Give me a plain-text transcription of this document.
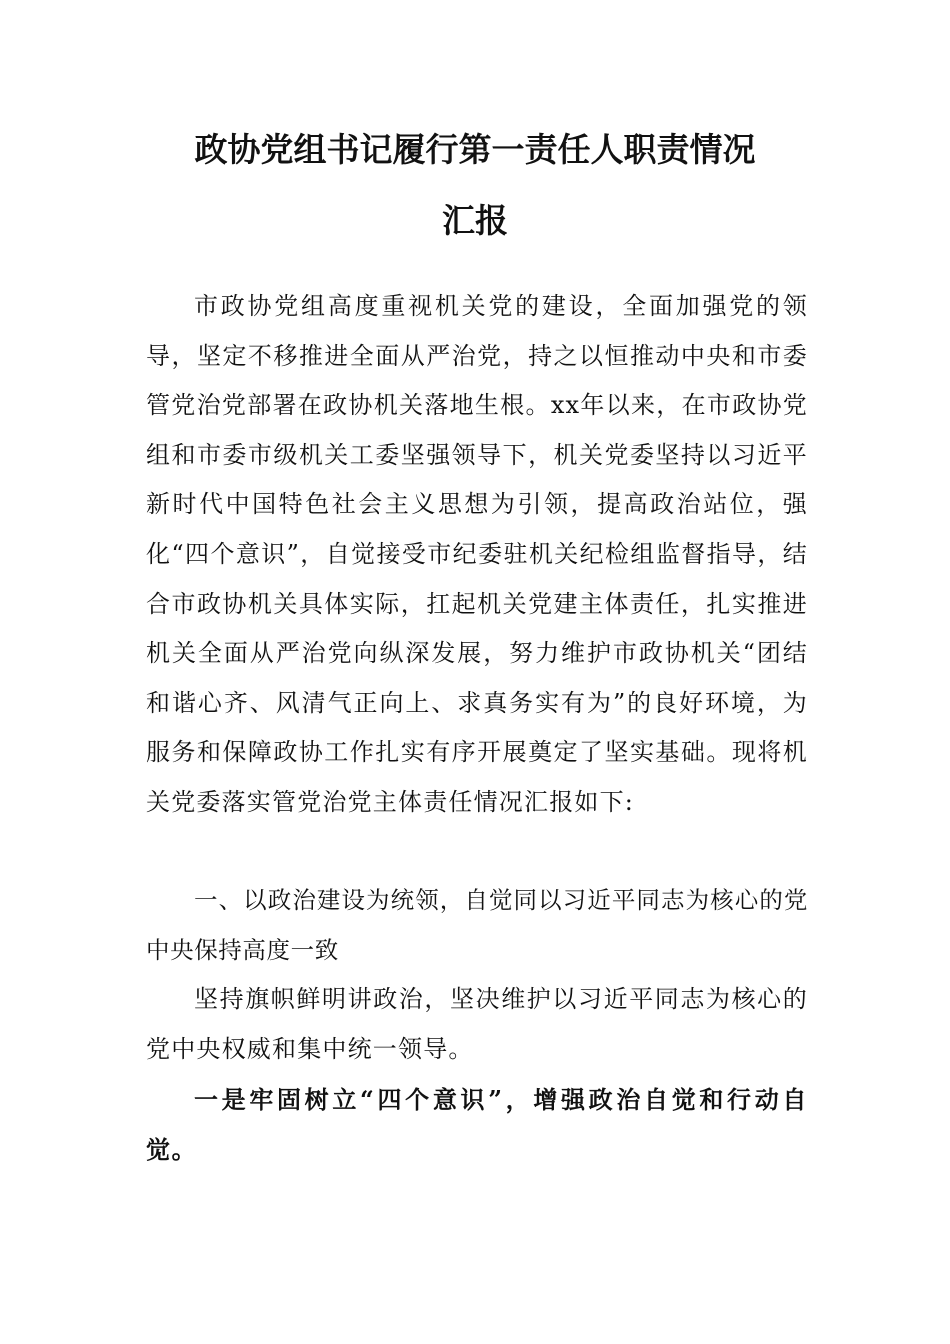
政协党组书记履行第一责任人职责情况
汇报

市政协党组高度重视机关党的建设，全面加强党的领导，坚定不移推进全面从严治党，持之以恒推动中央和市委管党治党部署在政协机关落地生根。xx年以来，在市政协党组和市委市级机关工委坚强领导下，机关党委坚持以习近平新时代中国特色社会主义思想为引领，提高政治站位，强化“四个意识”，自觉接受市纪委驻机关纪检组监督指导，结合市政协机关具体实际，扛起机关党建主体责任，扎实推进机关全面从严治党向纵深发展，努力维护市政协机关“团结和谐心齐、风清气正向上、求真务实有为”的良好环境，为服务和保障政协工作扎实有序开展奠定了坚实基础。现将机关党委落实管党治党主体责任情况汇报如下:

一、以政治建设为统领，自觉同以习近平同志为核心的党中央保持高度一致

坚持旗帜鲜明讲政治，坚决维护以习近平同志为核心的党中央权威和集中统一领导。

一是牢固树立“四个意识”，增强政治自觉和行动自觉。
